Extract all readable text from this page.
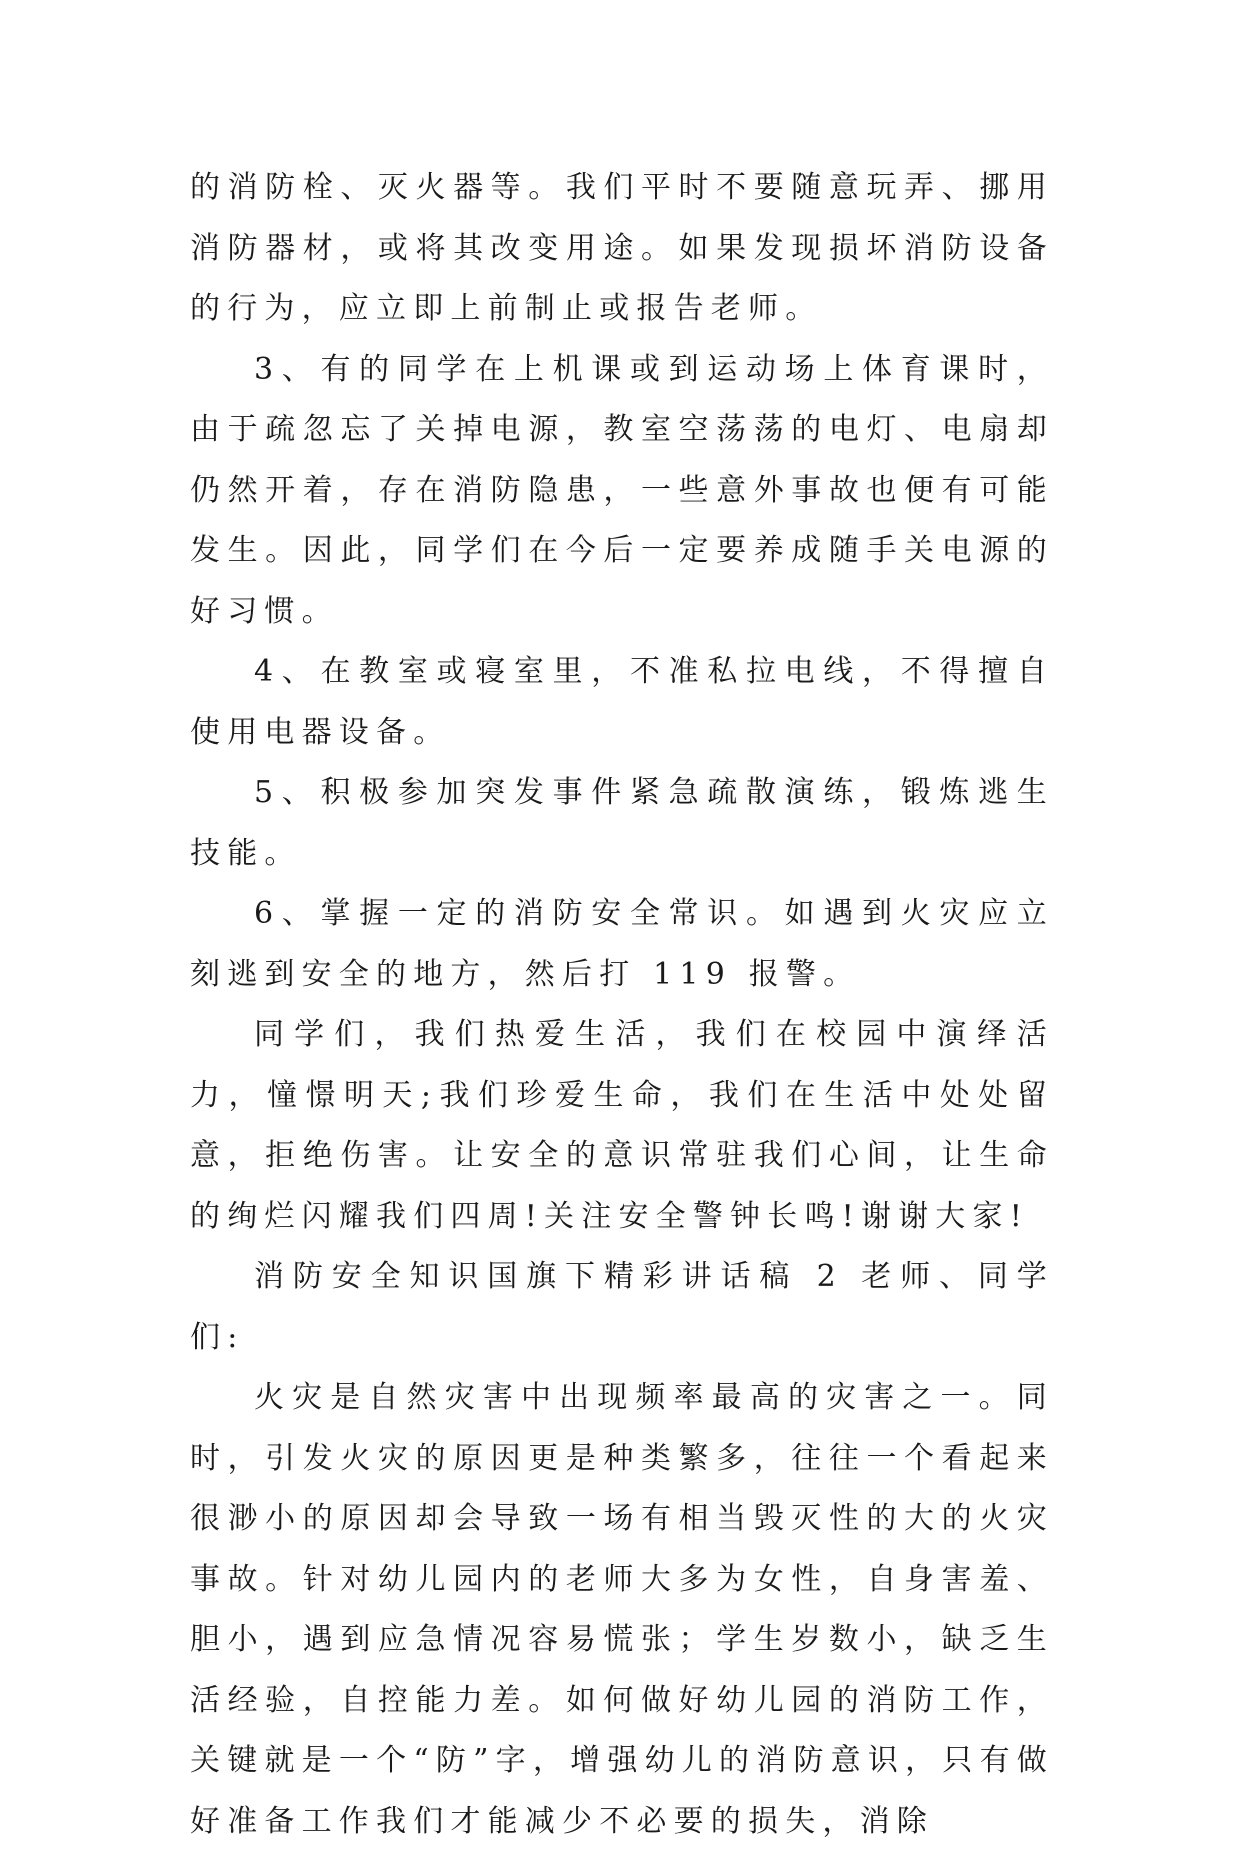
的消防栓、灭火器等。我们平时不要随意玩弄、挪用消防器材，或将其改变用途。如果发现损坏消防设备的行为，应立即上前制止或报告老师。

3、有的同学在上机课或到运动场上体育课时，由于疏忽忘了关掉电源，教室空荡荡的电灯、电扇却仍然开着，存在消防隐患，一些意外事故也便有可能发生。因此，同学们在今后一定要养成随手关电源的好习惯。

4、在教室或寝室里，不准私拉电线，不得擅自使用电器设备。

5、积极参加突发事件紧急疏散演练，锻炼逃生技能。

6、掌握一定的消防安全常识。如遇到火灾应立刻逃到安全的地方，然后打 119 报警。

同学们，我们热爱生活，我们在校园中演绎活力，憧憬明天;我们珍爱生命，我们在生活中处处留意，拒绝伤害。让安全的意识常驻我们心间，让生命的绚烂闪耀我们四周!关注安全警钟长鸣!谢谢大家!

消防安全知识国旗下精彩讲话稿 2 老师、同学们:

火灾是自然灾害中出现频率最高的灾害之一。同时，引发火灾的原因更是种类繁多，往往一个看起来很渺小的原因却会导致一场有相当毁灭性的大的火灾事故。针对幼儿园内的老师大多为女性，自身害羞、胆小，遇到应急情况容易慌张；学生岁数小，缺乏生活经验，自控能力差。如何做好幼儿园的消防工作，关键就是一个“防”字，增强幼儿的消防意识，只有做好准备工作我们才能减少不必要的损失，消除
